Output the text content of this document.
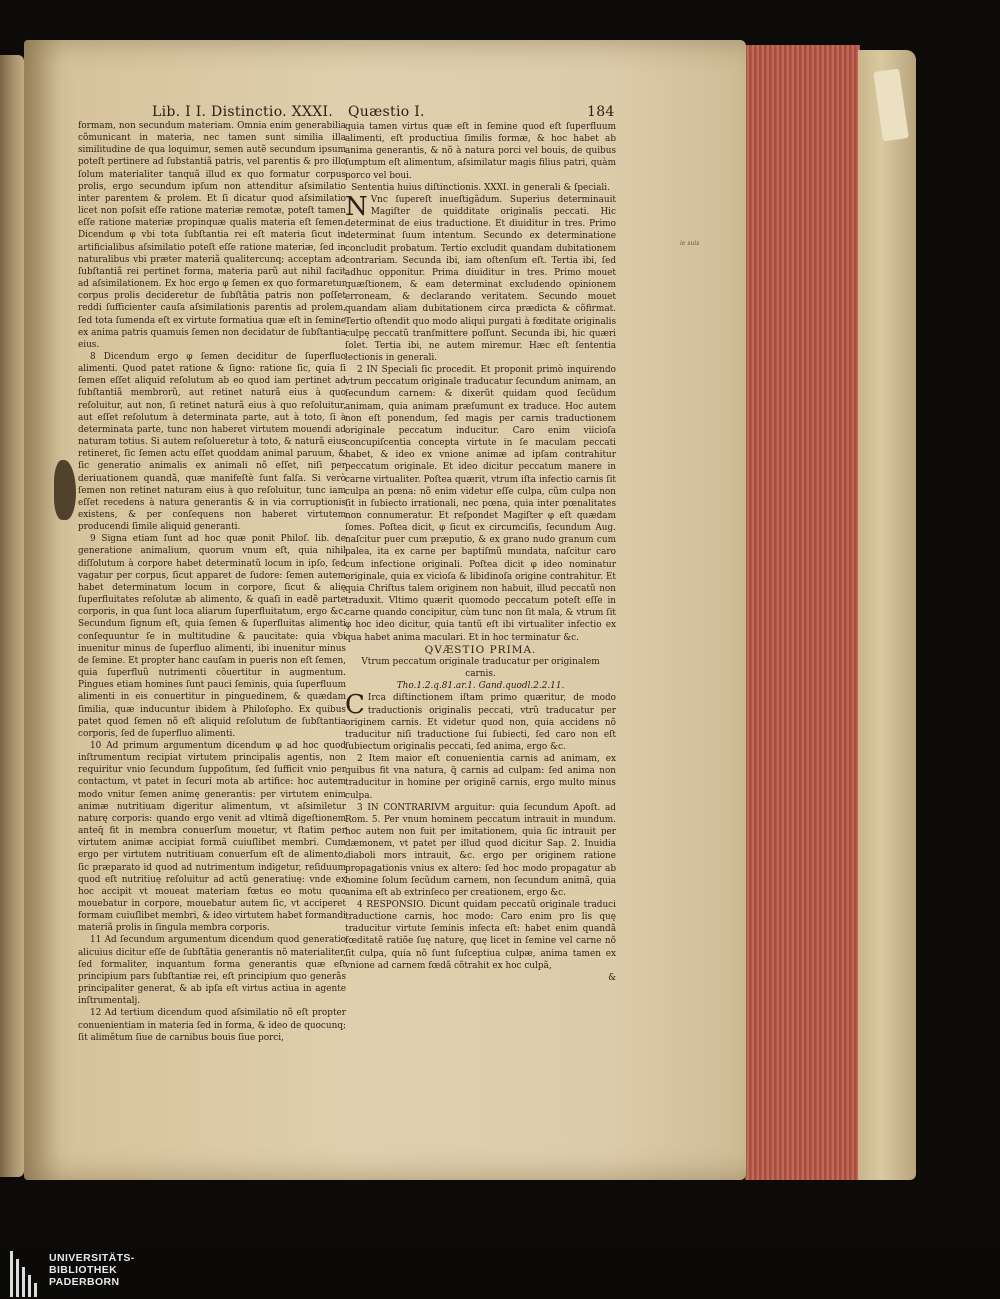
ie suis
Lib. I I. Distinctio. XXXI. Quæstio I.	184

formam, non secundum materiam. Omnia enim generabilia cõmunicant in materia, nec tamen sunt similia illa similitudine de qua loquimur, semen autẽ secundum ipsum poteſt pertinere ad ſubstantiã patris, vel parentis & pro illo ſolum materialiter tanquã illud ex quo formatur corpus prolis, ergo secundum ipſum non attenditur aſsimilatio inter parentem & prolem. Et ſi dicatur quod aſsimilatio licet non poſsit eſſe ratione materiæ remotæ, poteſt tamen eſſe ratione materiæ propinquæ qualis materia eſt ſemen. Dicendum φ vbi tota ſubſtantia rei eſt materia ſicut in artificialibus aſsimilatio poteſt eſſe ratione materiæ, ſed in naturalibus vbi præter materiã qualitercunq; acceptam ad ſubſtantiã rei pertinet forma, materia parũ aut nihil facit ad aſsimilationem. Ex hoc ergo φ ſemen ex quo formaretur corpus prolis decideretur de ſubſtãtia patris non poſſet reddi ſufficienter cauſa aſsimilationis parentis ad prolem, ſed tota ſumenda eſt ex virtute formatiua quæ eſt in ſemine ex anima patris quamuis ſemen non decidatur de ſubſtantia eius.

8 Dicendum ergo φ ſemen deciditur de ſuperfluo alimenti. Quod patet ratione & ſigno: ratione ſic, quia ſi ſemen eſſet aliquid reſolutum ab eo quod iam pertinet ad ſubſtantiã membrorũ, aut retinet naturã eius à quo reſoluitur, aut non, ſi retinet naturã eius à quo reſoluitur, aut eſſet reſolutum à determinata parte, aut à toto, ſi à determinata parte, tunc non haberet virtutem mouendi ad naturam totius. Si autem reſolueretur à toto, & naturã eius retineret, ſic ſemen actu eſſet quoddam animal paruum, & ſic generatio animalis ex animali nõ eſſet, niſi per deriuationem quandã, quæ manifeſtè ſunt falſa. Si verò ſemen non retinet naturam eius à quo reſoluitur, tunc iam eſſet recedens à natura generantis & in via corruptionis existens, & per conſequens non haberet virtutem producendi ſimile aliquid generanti.

9 Signa etiam ſunt ad hoc quæ ponit Philoſ. lib. de generatione animalium, quorum vnum eſt, quia nihil diſſolutum à corpore habet determinatũ locum in ipſo, ſed vagatur per corpus, ſicut apparet de ſudore: ſemen autem habet determinatum locum in corpore, ſicut & alię ſuperfluitates reſolutæ ab alimento, & quaſi in eadẽ parte corporis, in qua ſunt loca aliarum ſuperfluitatum, ergo &c. Secundum ſignum eſt, quia ſemen & ſuperfluitas alimenti conſequuntur ſe in multitudine & paucitate: quia vbi inuenitur minus de ſuperfluo alimenti, ibi inuenitur minus de ſemine. Et propter hanc cauſam in pueris non eſt ſemen, quia ſuperfluũ nutrimenti cõuertitur in augmentum. Pingues etiam homines ſunt pauci ſeminis, quia ſuperfluum alimenti in eis conuertitur in pinguedinem, & quædam ſimilia, quæ inducuntur ibidem à Philoſopho. Ex quibus patet quod ſemen nõ eſt aliquid reſolutum de ſubſtantia corporis, ſed de ſuperfluo alimenti.

10 Ad primum argumentum dicendum φ ad hoc quod inſtrumentum recipiat virtutem principalis agentis, non requiritur vnio ſecundum ſuppoſitum, ſed ſufficit vnio per contactum, vt patet in ſecuri mota ab artifice: hoc autem modo vnitur ſemen animę generantis: per virtutem enim animæ nutritiuam digeritur alimentum, vt aſsimiletur naturę corporis: quando ergo venit ad vltimã digeſtionem anteq̃ fit in membra conuerſum mouetur, vt ſtatim per virtutem animæ accipiat formã cuiuſlibet membri. Cum ergo per virtutem nutritiuam conuerſum eſt de alimento, ſic præparato id quod ad nutrimentum indigetur, reſiduum quod eſt nutritiuę reſoluitur ad actũ generatiuę: vnde ex hoc accipit vt moueat materiam fœtus eo motu quo mouebatur in corpore, mouebatur autem ſic, vt acciperet formam cuiuſlibet membri, & ideo virtutem habet formandi materiã prolis in ſingula membra corporis.

11 Ad ſecundum argumentum dicendum quod generatio alicuius dicitur eſſe de ſubſtãtia generantis nõ materialiter, ſed formaliter, inquantum forma generantis quæ eſt principium pars ſubſtantiæ rei, eſt principium quo generãs principaliter generat, & ab ipſa eſt virtus actiua in agente inſtrumentalj.

12 Ad tertium dicendum quod aſsimilatio nõ eſt propter conuenientiam in materia ſed in forma, & ideo de quocunq; ſit alimẽtum ſiue de carnibus bouis ſiue porci,

quia tamen virtus quæ eſt in ſemine quod eſt ſuperfluum alimenti, eſt productiua ſimilis formæ, & hoc habet ab anima generantis, & nõ à natura porci vel bouis, de quibus ſumptum eſt alimentum, aſsimilatur magis filius patri, quàm porco vel boui.

Sententia huius diſtinctionis. XXXI. in generali & ſpeciali.

N Vnc ſupereſt inueſtigãdum. Superius determinauit Magiſter de quidditate originalis peccati. Hic determinat de eius traductione. Et diuiditur in tres. Primo determinat ſuum intentum. Secundo ex determinatione concludit probatum. Tertio excludit quandam dubitationem contrariam. Secunda ibi, iam oſtenſum eſt. Tertia ibi, ſed adhuc opponitur. Prima diuiditur in tres. Primo mouet quæſtionem, & eam determinat excludendo opinionem erroneam, & declarando veritatem. Secundo mouet quandam aliam dubitationem circa prædicta & cõfirmat. Tertio oſtendit quo modo aliqui purgati à fœditate originalis culpę peccatũ tranſmittere poſſunt. Secunda ibi, hic quæri ſolet. Tertia ibi, ne autem miremur. Hæc eſt ſententia lectionis in generali.

2 IN Speciali ſic procedit. Et proponit primò inquirendo vtrum peccatum originale traducatur ſecundum animam, an ſecundum carnem: & dixerũt quidam quod ſecũdum animam, quia animam præſumunt ex traduce. Hoc autem non eſt ponendum, ſed magis per carnis traductionem originale peccatum inducitur. Caro enim viicioſa concupiſcentia concepta virtute in ſe maculam peccati habet, & ideo ex vnione animæ ad ipſam contrahitur peccatum originale. Et ideo dicitur peccatum manere in carne virtualiter. Poſtea quærit, vtrum iſta infectio carnis ſit culpa an pœna: nõ enim videtur eſſe culpa, cũm culpa non ſit in ſubiecto irrationali, nec pœna, quia inter pœnalitates non connumeratur. Et reſpondet Magiſter φ eſt quædam ſomes. Poſtea dicit, φ ſicut ex circumciſis, ſecundum Aug. naſcitur puer cum præputio, & ex grano nudo granum cum palea, ita ex carne per baptiſmũ mundata, naſcitur caro cum infectione originali. Poſtea dicit φ ideo nominatur originale, quia ex vicioſa & libidinoſa origine contrahitur. Et quia Chriſtus talem originem non habuit, illud peccatũ non traduxit. Vltimo quærit quomodo peccatum poteſt eſſe in carne quando concipitur, cùm tunc non ſit mala, & vtrum ſit φ hoc ideo dicitur, quia tantũ eſt ibi virtualiter infectio ex qua habet anima maculari. Et in hoc terminatur &c.

QVÆSTIO PRIMA.

Vtrum peccatum originale traducatur per originalem carnis.

Tho.1.2.q.81.ar.1. Gand.quodl.2.2.11.

C Irca diſtinctionem iſtam primo quæritur, de modo traductionis originalis peccati, vtrũ traducatur per originem carnis. Et videtur quod non, quia accidens nõ traducitur niſi traductione ſui ſubiecti, ſed caro non eſt ſubiectum originalis peccati, ſed anima, ergo &c.

2 Item maior eſt conuenientia carnis ad animam, ex quibus fit vna natura, q̃ carnis ad culpam: ſed anima non traducitur in homine per originẽ carnis, ergo multo minus culpa.

3 IN CONTRARIVM arguitur: quia ſecundum Apoſt. ad Rom. 5. Per vnum hominem peccatum intrauit in mundum. hoc autem non fuit per imitationem, quia ſic intrauit per dæmonem, vt patet per illud quod dicitur Sap. 2. Inuidia diaboli mors intrauit, &c. ergo per originem ratione propagationis vnius ex altero: ſed hoc modo propagatur ab homine ſolum ſecũdum carnem, non ſecundum animã, quia anima eſt ab extrinſeco per creationem, ergo &c.

4 RESPONSIO. Dicunt quidam peccatũ originale traduci traductione carnis, hoc modo: Caro enim pro lis quę traducitur virtute ſeminis infecta eſt: habet enim quandã fœditatẽ ratiõe ſuę naturę, quę licet in ſemine vel carne nõ ſit culpa, quia nõ ſunt ſuſceptiua culpæ, anima tamen ex vnione ad carnem fœdã cõtrahit ex hoc culpã,

&

UNIVERSITÄTS-
BIBLIOTHEK
PADERBORN
